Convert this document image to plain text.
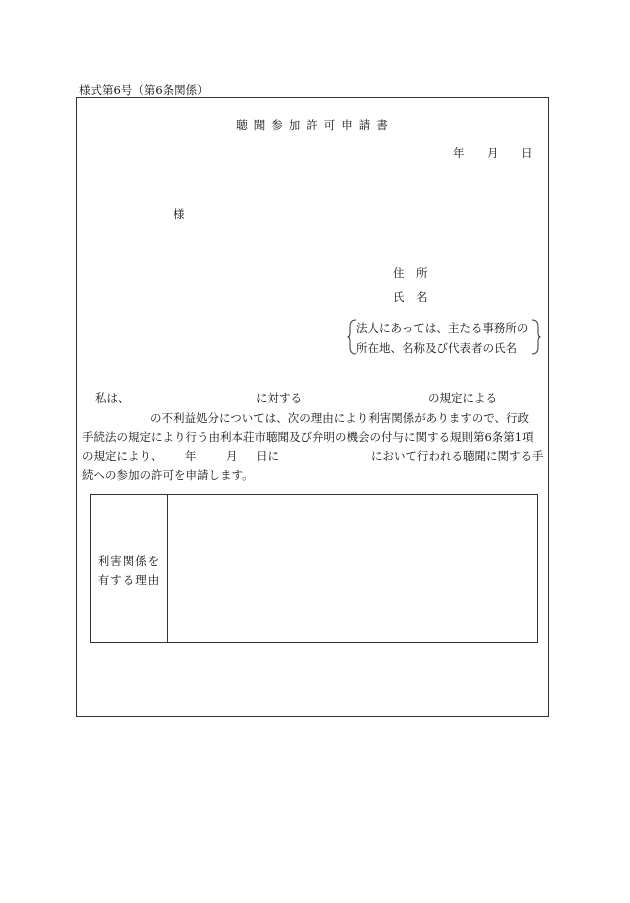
様式第6号（第6条関係）
聴聞参加許可申請書
年 月 日
様
住　所
氏　名
法人にあっては、主たる事務所の
所在地、名称及び代表者の氏名
私は、	に対する	の規定による
の不利益処分については、次の理由により利害関係がありますので、行政
手続法の規定により行う由利本荘市聴聞及び弁明の機会の付与に関する規則第6条第1項
の規定により、 年	月 日に	において行われる聴聞に関する手
続への参加の許可を申請します。
利害関係を
有する理由
